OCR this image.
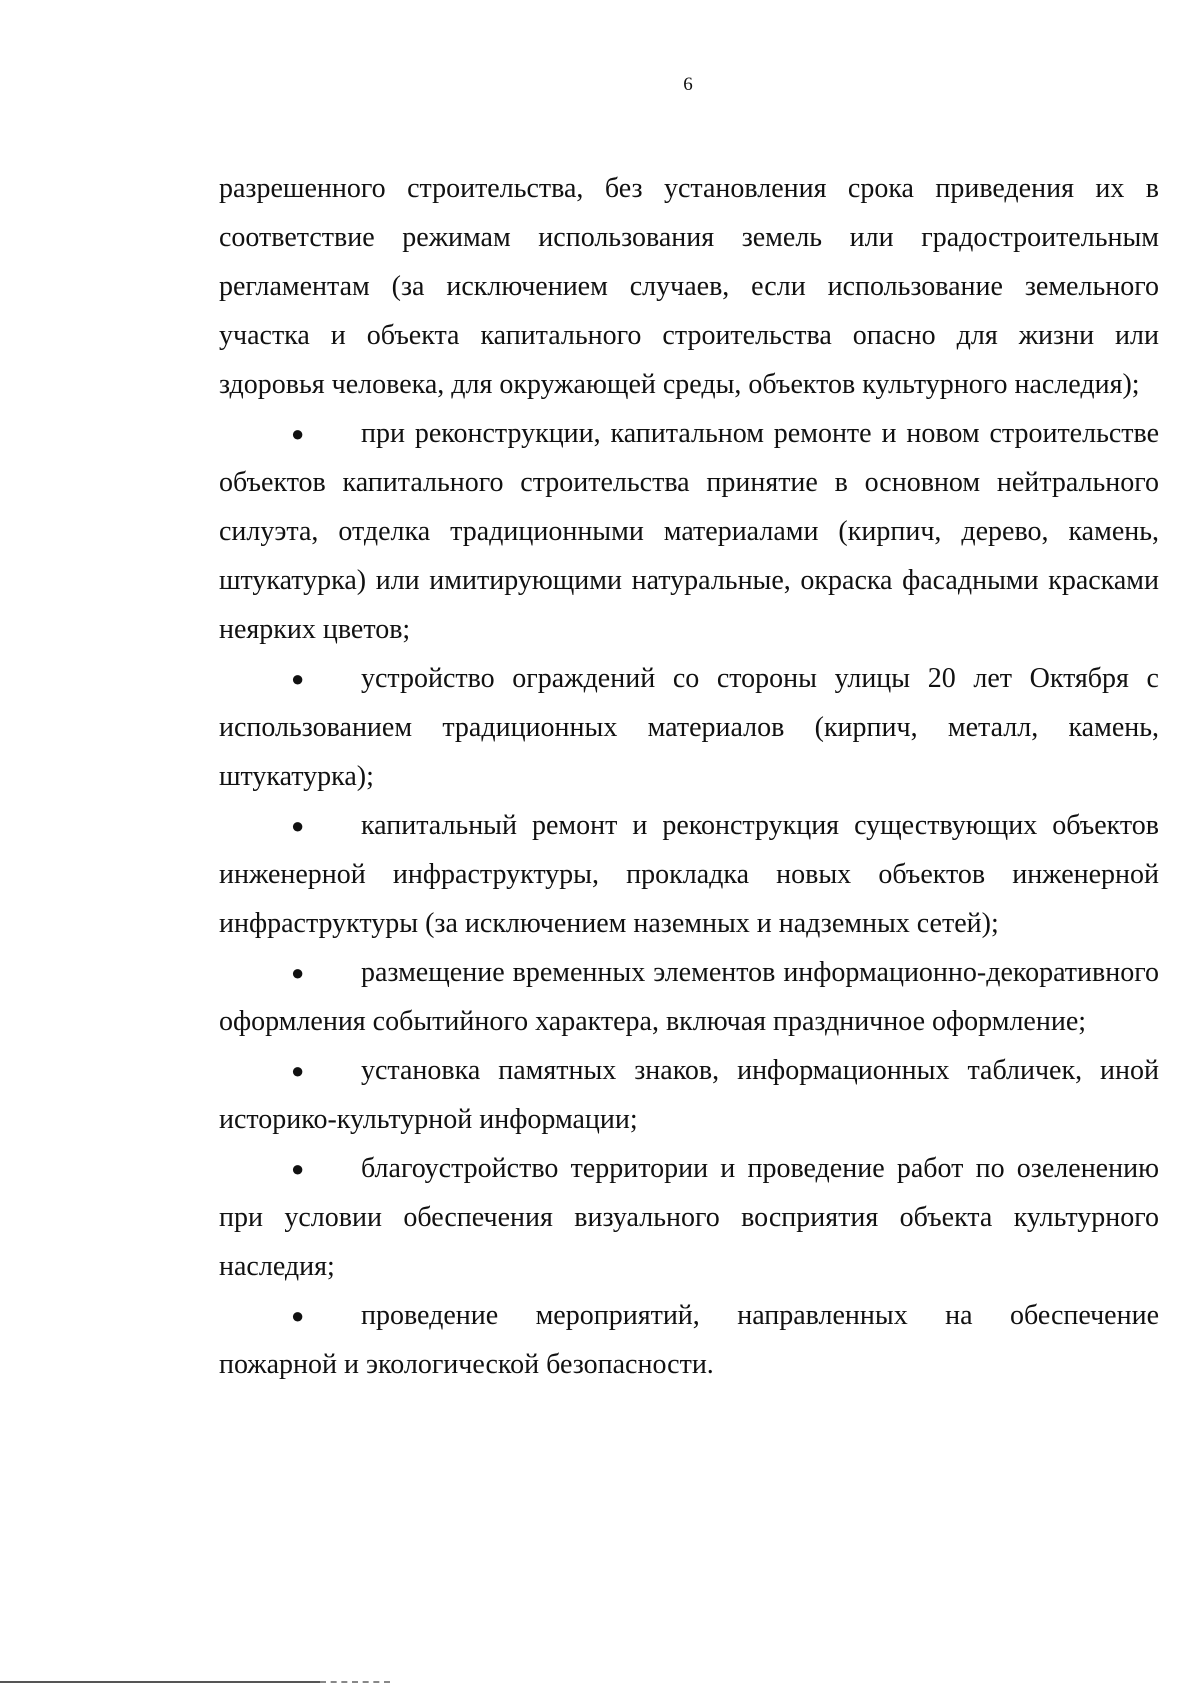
6

разрешенного строительства, без установления срока приведения их в соответствие режимам использования земель или градостроительным регламентам (за исключением случаев, если использование земельного участка и объекта капитального строительства опасно для жизни или здоровья человека, для окружающей среды, объектов культурного наследия);

● при реконструкции, капитальном ремонте и новом строительстве объектов капитального строительства принятие в основном нейтрального силуэта, отделка традиционными материалами (кирпич, дерево, камень, штукатурка) или имитирующими натуральные, окраска фасадными красками неярких цветов;

● устройство ограждений со стороны улицы 20 лет Октября с использованием традиционных материалов (кирпич, металл, камень, штукатурка);

● капитальный ремонт и реконструкция существующих объектов инженерной инфраструктуры, прокладка новых объектов инженерной инфраструктуры (за исключением наземных и надземных сетей);

● размещение временных элементов информационно-декоративного оформления событийного характера, включая праздничное оформление;

● установка памятных знаков, информационных табличек, иной историко-культурной информации;

● благоустройство территории и проведение работ по озеленению при условии обеспечения визуального восприятия объекта культурного наследия;

● проведение мероприятий, направленных на обеспечение пожарной и экологической безопасности.
